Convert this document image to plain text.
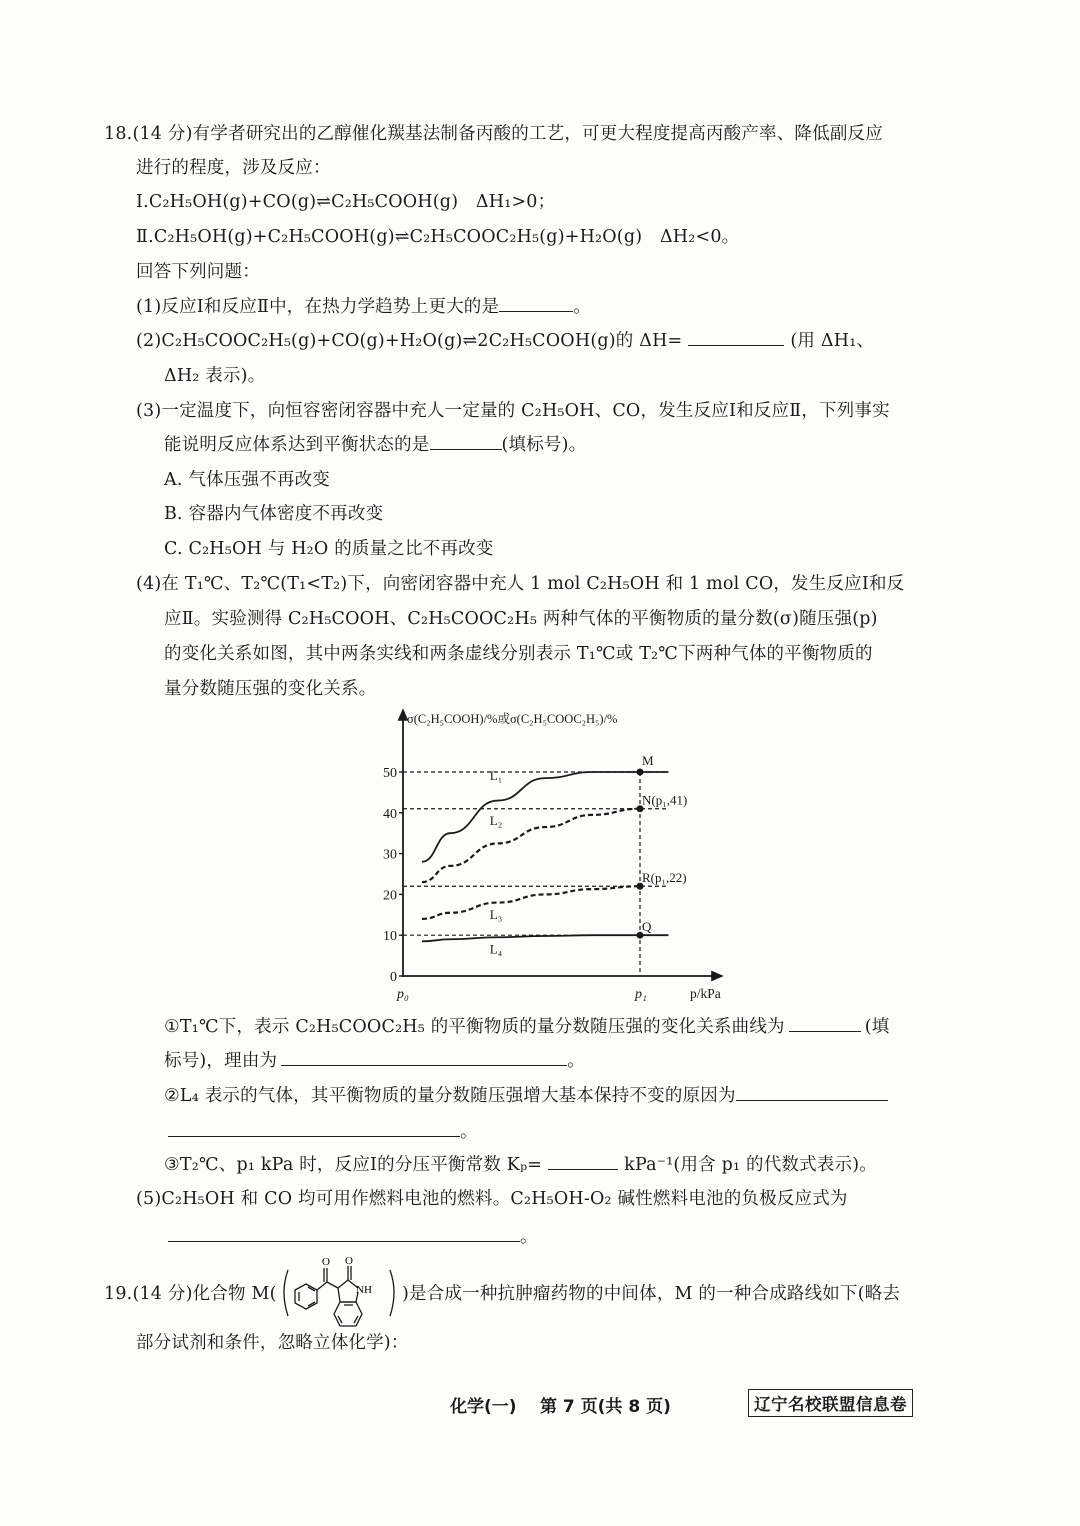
18.(14 分)有学者研究出的乙醇催化羰基法制备丙酸的工艺，可更大程度提高丙酸产率、降低副反应
进行的程度，涉及反应：
Ⅰ.C₂H₅OH(g)+CO(g)⇌C₂H₅COOH(g)　ΔH₁>0；
Ⅱ.C₂H₅OH(g)+C₂H₅COOH(g)⇌C₂H₅COOC₂H₅(g)+H₂O(g)　ΔH₂<0。
回答下列问题：
(1)反应Ⅰ和反应Ⅱ中，在热力学趋势上更大的是	。
(2)C₂H₅COOC₂H₅(g)+CO(g)+H₂O(g)⇌2C₂H₅COOH(g)的 ΔH=	(用 ΔH₁、
ΔH₂ 表示)。
(3)一定温度下，向恒容密闭容器中充人一定量的 C₂H₅OH、CO，发生反应Ⅰ和反应Ⅱ，下列事实
能说明反应体系达到平衡状态的是	(填标号)。
A. 气体压强不再改变
B. 容器内气体密度不再改变
C. C₂H₅OH 与 H₂O 的质量之比不再改变
(4)在 T₁℃、T₂℃(T₁<T₂)下，向密闭容器中充人 1 mol C₂H₅OH 和 1 mol CO，发生反应Ⅰ和反
应Ⅱ。实验测得 C₂H₅COOH、C₂H₅COOC₂H₅ 两种气体的平衡物质的量分数(σ)随压强(p)
的变化关系如图，其中两条实线和两条虚线分别表示 T₁℃或 T₂℃下两种气体的平衡物质的
量分数随压强的变化关系。
σ(C₂H₅COOH)/%或σ(C₂H₅COOC₂H₅)/%
0
10
20
30
40
50
p₀	p₁	p/kPa
L₁
L₂
L₃
L₄
M
N(p₁,41)
R(p₁,22)
Q
①T₁℃下，表示 C₂H₅COOC₂H₅ 的平衡物质的量分数随压强的变化关系曲线为	(填
标号)，理由为	。
②L₄ 表示的气体，其平衡物质的量分数随压强增大基本保持不变的原因为
。
③T₂℃、p₁ kPa 时，反应Ⅰ的分压平衡常数 Kₚ=	kPa⁻¹(用含 p₁ 的代数式表示)。
(5)C₂H₅OH 和 CO 均可用作燃料电池的燃料。C₂H₅OH-O₂ 碱性燃料电池的负极反应式为
。
19.(14 分)化合物 M(
O O
NH )是合成一种抗肿瘤药物的中间体，M 的一种合成路线如下(略去
部分试剂和条件，忽略立体化学)：
化学(一) 第 7 页(共 8 页)	辽宁名校联盟信息卷
